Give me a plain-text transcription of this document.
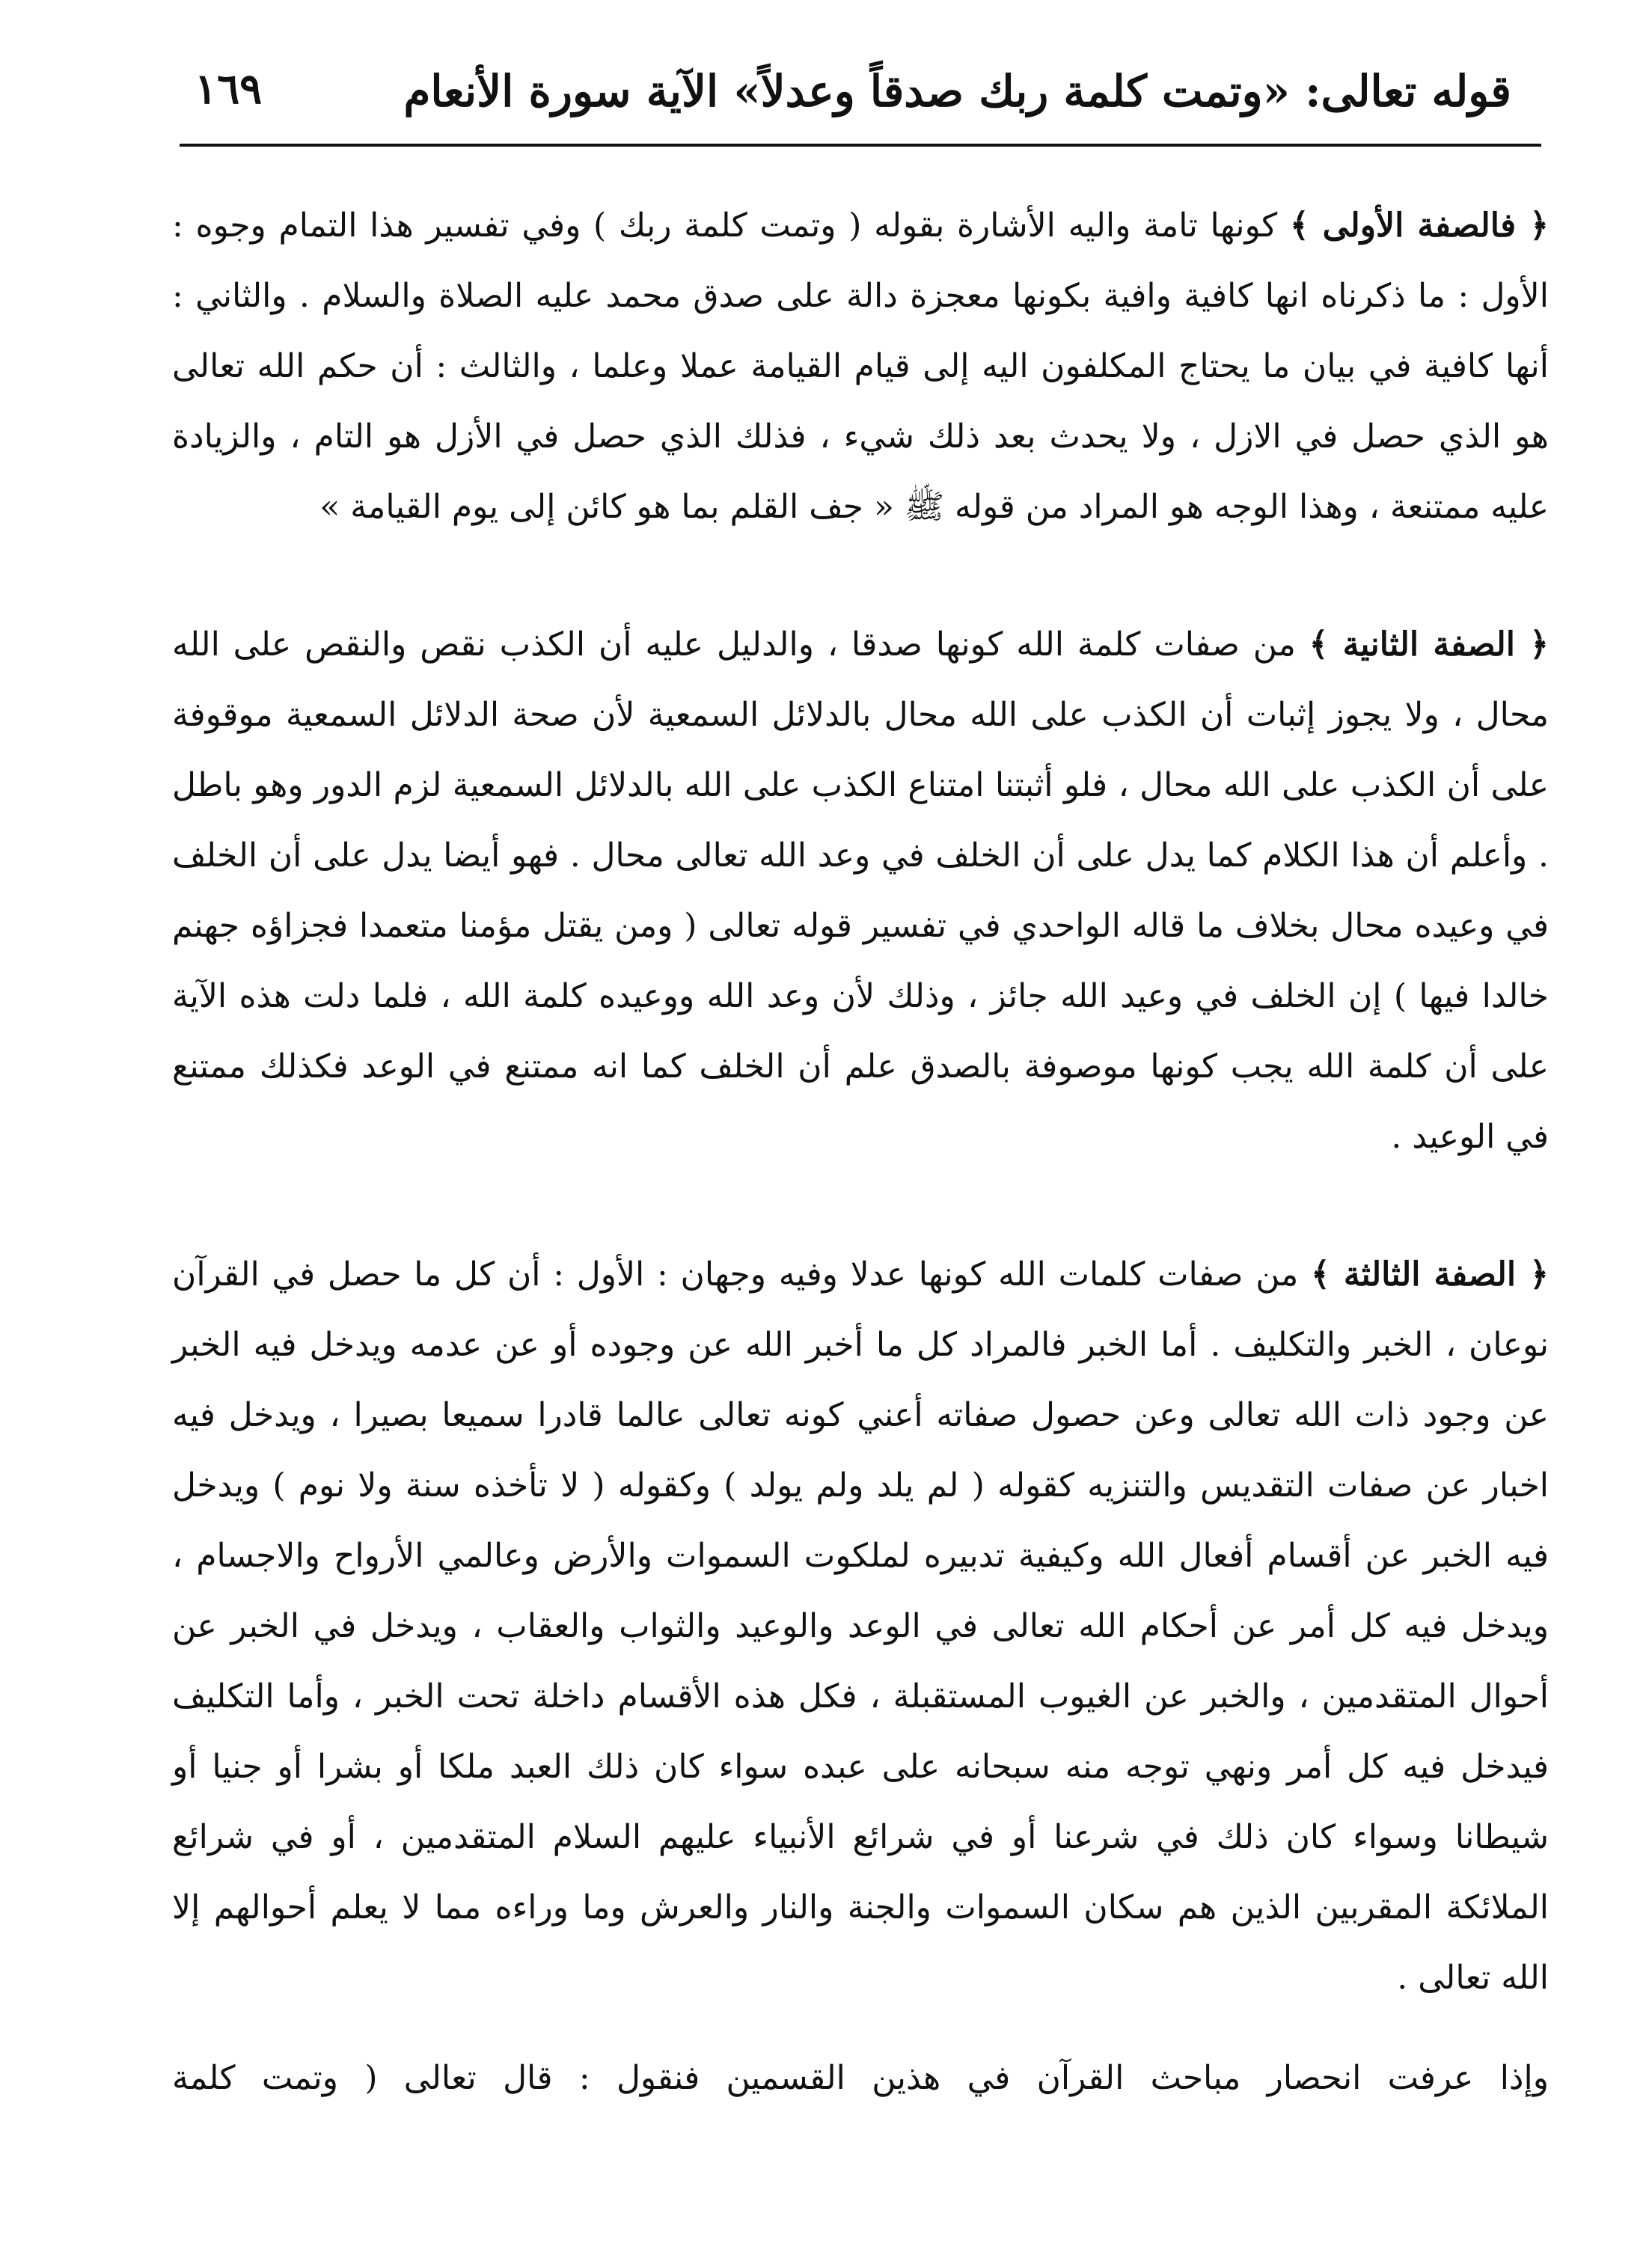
قوله تعالى: «وتمت كلمة ربك صدقاً وعدلاً» الآية سورة الأنعام
١٦٩

﴿ فالصفة الأولى ﴾ كونها تامة واليه الأشارة بقوله ( وتمت كلمة ربك ) وفي تفسير هذا التمام وجوه : الأول : ما ذكرناه انها كافية وافية بكونها معجزة دالة على صدق محمد عليه الصلاة والسلام . والثاني : أنها كافية في بيان ما يحتاج المكلفون اليه إلى قيام القيامة عملا وعلما ، والثالث : أن حكم الله تعالى هو الذي حصل في الازل ، ولا يحدث بعد ذلك شيء ، فذلك الذي حصل في الأزل هو التام ، والزيادة عليه ممتنعة ، وهذا الوجه هو المراد من قوله ﷺ « جف القلم بما هو كائن إلى يوم القيامة »

﴿ الصفة الثانية ﴾ من صفات كلمة الله كونها صدقا ، والدليل عليه أن الكذب نقص والنقص على الله محال ، ولا يجوز إثبات أن الكذب على الله محال بالدلائل السمعية لأن صحة الدلائل السمعية موقوفة على أن الكذب على الله محال ، فلو أثبتنا امتناع الكذب على الله بالدلائل السمعية لزم الدور وهو باطل . وأعلم أن هذا الكلام كما يدل على أن الخلف في وعد الله تعالى محال . فهو أيضا يدل على أن الخلف في وعيده محال بخلاف ما قاله الواحدي في تفسير قوله تعالى ( ومن يقتل مؤمنا متعمدا فجزاؤه جهنم خالدا فيها ) إن الخلف في وعيد الله جائز ، وذلك لأن وعد الله ووعيده كلمة الله ، فلما دلت هذه الآية على أن كلمة الله يجب كونها موصوفة بالصدق علم أن الخلف كما انه ممتنع في الوعد فكذلك ممتنع في الوعيد .

﴿ الصفة الثالثة ﴾ من صفات كلمات الله كونها عدلا وفيه وجهان : الأول : أن كل ما حصل في القرآن نوعان ، الخبر والتكليف . أما الخبر فالمراد كل ما أخبر الله عن وجوده أو عن عدمه ويدخل فيه الخبر عن وجود ذات الله تعالى وعن حصول صفاته أعني كونه تعالى عالما قادرا سميعا بصيرا ، ويدخل فيه اخبار عن صفات التقديس والتنزيه كقوله ( لم يلد ولم يولد ) وكقوله ( لا تأخذه سنة ولا نوم ) ويدخل فيه الخبر عن أقسام أفعال الله وكيفية تدبيره لملكوت السموات والأرض وعالمي الأرواح والاجسام ، ويدخل فيه كل أمر عن أحكام الله تعالى في الوعد والوعيد والثواب والعقاب ، ويدخل في الخبر عن أحوال المتقدمين ، والخبر عن الغيوب المستقبلة ، فكل هذه الأقسام داخلة تحت الخبر ، وأما التكليف فيدخل فيه كل أمر ونهي توجه منه سبحانه على عبده سواء كان ذلك العبد ملكا أو بشرا أو جنيا أو شيطانا وسواء كان ذلك في شرعنا أو في شرائع الأنبياء عليهم السلام المتقدمين ، أو في شرائع الملائكة المقربين الذين هم سكان السموات والجنة والنار والعرش وما وراءه مما لا يعلم أحوالهم إلا الله تعالى .

وإذا عرفت انحصار مباحث القرآن في هذين القسمين فنقول : قال تعالى ( وتمت كلمة
